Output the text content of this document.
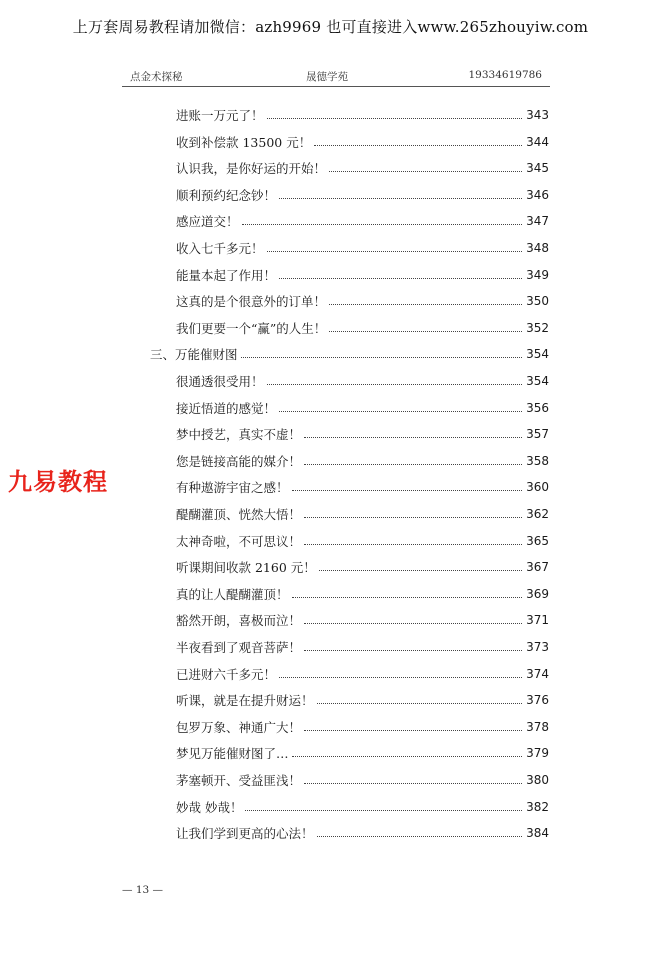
上万套周易教程请加微信：azh9969 也可直接进入www.265zhouyiw.com
点金术探秘	晟德学苑	19334619786
进账一万元了！	343
收到补偿款 13500 元！	344
认识我，是你好运的开始！	345
顺利预约纪念钞！	346
感应道交！	347
收入七千多元！	348
能量本起了作用！	349
这真的是个很意外的订单！	350
我们更要一个“赢”的人生！	352
三、万能催财图	354
很通透很受用！	354
接近悟道的感觉！	356
梦中授艺，真实不虚！	357
您是链接高能的媒介！	358
有种遨游宇宙之感！	360
醍醐灌顶、恍然大悟！	362
太神奇啦，不可思议！	365
听课期间收款 2160 元！	367
真的让人醍醐灌顶！	369
豁然开朗，喜极而泣！	371
半夜看到了观音菩萨！	373
已进财六千多元！	374
听课，就是在提升财运！	376
包罗万象、神通广大！	378
梦见万能催财图了…	379
茅塞顿开、受益匪浅！	380
妙哉 妙哉！	382
让我们学到更高的心法！	384
九易教程
— 13 —
